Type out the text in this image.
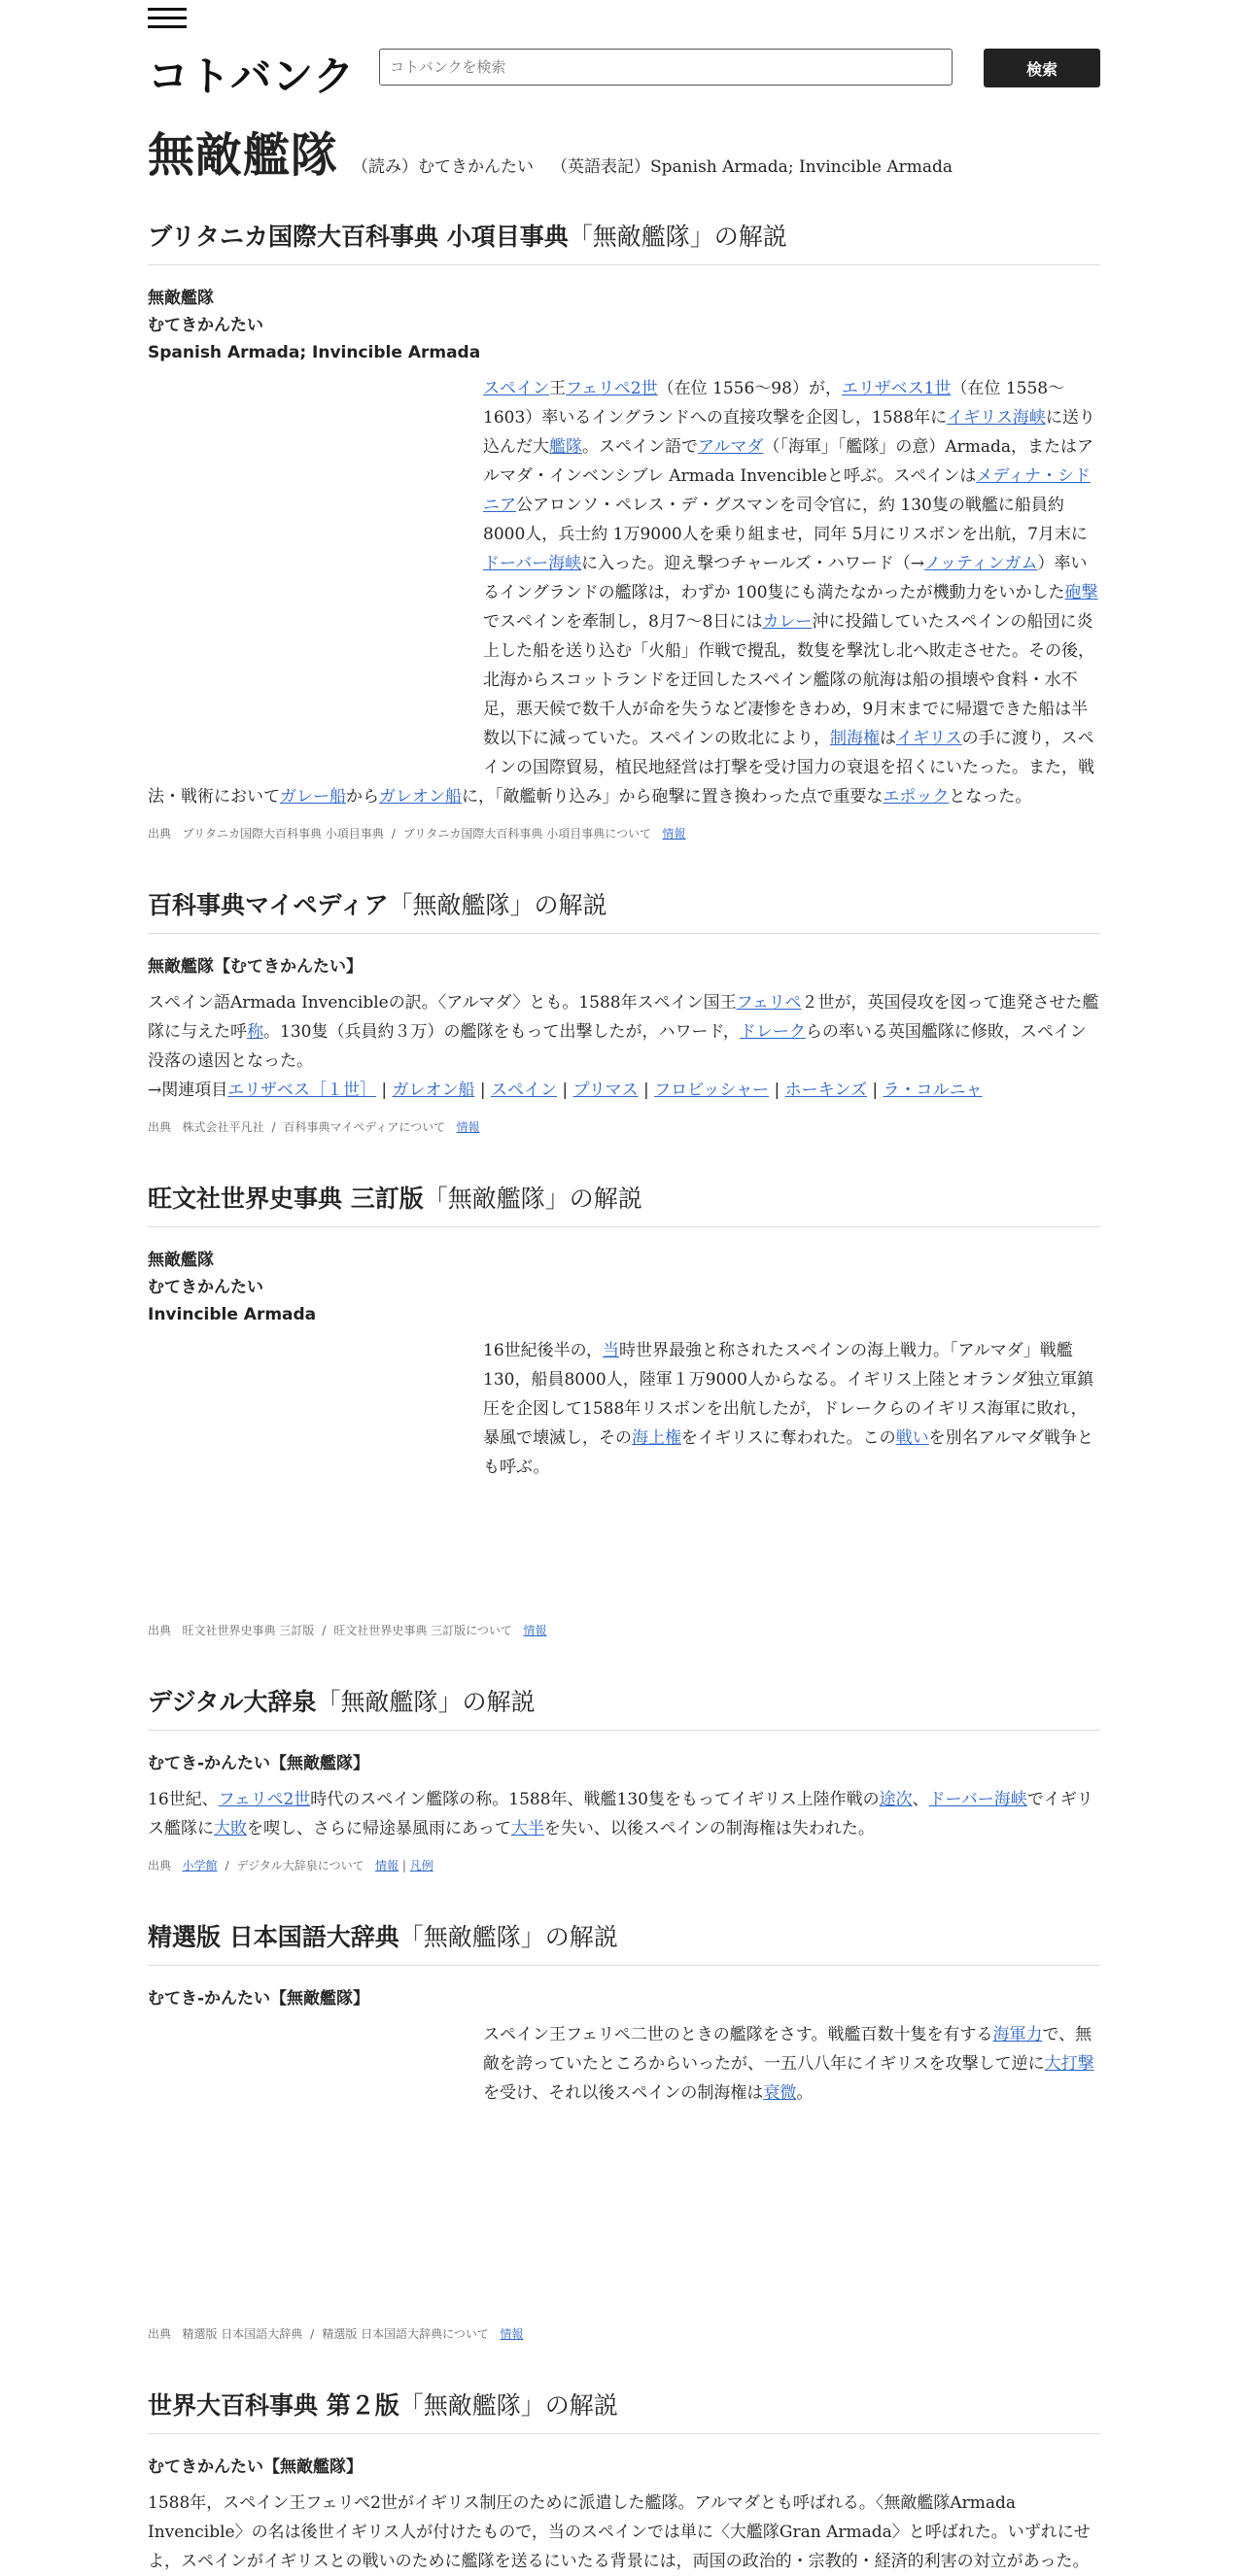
コトバンク
コトバンクを検索	検索
無敵艦隊 （読み）むてきかんたい （英語表記）Spanish Armada; Invincible Armada
ブリタニカ国際大百科事典 小項目事典「無敵艦隊」の解説
無敵艦隊
むてきかんたい
Spanish Armada; Invincible Armada
スペイン王フェリペ2世（在位 1556～98）が，エリザベス1世（在位 1558～1603）率いるイングランドへの直接攻撃を企図し，1588年にイギリス海峡に送り込んだ大艦隊。スペイン語でアルマダ（「海軍」「艦隊」の意）Armada，またはアルマダ・インベンシブレ Armada Invencibleと呼ぶ。スペインはメディナ・シドニア公アロンソ・ペレス・デ・グスマンを司令官に，約 130隻の戦艦に船員約 8000人，兵士約 1万9000人を乗り組ませ，同年 5月にリスボンを出航，7月末にドーバー海峡に入った。迎え撃つチャールズ・ハワード（→ノッティンガム）率いるイングランドの艦隊は，わずか 100隻にも満たなかったが機動力をいかした砲撃でスペインを牽制し，8月7～8日にはカレー沖に投錨していたスペインの船団に炎上した船を送り込む「火船」作戦で攪乱，数隻を撃沈し北へ敗走させた。その後，北海からスコットランドを迂回したスペイン艦隊の航海は船の損壊や食料・水不足，悪天候で数千人が命を失うなど凄惨をきわめ，9月末までに帰還できた船は半数以下に減っていた。スペインの敗北により，制海権はイギリスの手に渡り，スペインの国際貿易，植民地経営は打撃を受け国力の衰退を招くにいたった。また，戦法・戦術においてガレー船からガレオン船に，「敵艦斬り込み」から砲撃に置き換わった点で重要なエポックとなった。
出典 ブリタニカ国際大百科事典 小項目事典 / ブリタニカ国際大百科事典 小項目事典について 情報
百科事典マイペディア「無敵艦隊」の解説
無敵艦隊【むてきかんたい】
スペイン語Armada Invencibleの訳。〈アルマダ〉とも。1588年スペイン国王フェリペ２世が，英国侵攻を図って進発させた艦隊に与えた呼称。130隻（兵員約３万）の艦隊をもって出撃したが，ハワード，ドレークらの率いる英国艦隊に修敗，スペイン没落の遠因となった。
→関連項目エリザベス［１世］ | ガレオン船 | スペイン | プリマス | フロビッシャー | ホーキンズ | ラ・コルニャ
出典 株式会社平凡社 / 百科事典マイペディアについて 情報
旺文社世界史事典 三訂版「無敵艦隊」の解説
無敵艦隊
むてきかんたい
Invincible Armada
16世紀後半の，当時世界最強と称されたスペインの海上戦力。「アルマダ」戦艦130，船員8000人，陸軍１万9000人からなる。イギリス上陸とオランダ独立軍鎮圧を企図して1588年リスボンを出航したが，ドレークらのイギリス海軍に敗れ，暴風で壊滅し，その海上権をイギリスに奪われた。この戦いを別名アルマダ戦争とも呼ぶ。
出典 旺文社世界史事典 三訂版 / 旺文社世界史事典 三訂版について 情報
デジタル大辞泉「無敵艦隊」の解説
むてき-かんたい【無敵艦隊】
16世紀、フェリペ2世時代のスペイン艦隊の称。1588年、戦艦130隻をもってイギリス上陸作戦の途次、ドーバー海峡でイギリス艦隊に大敗を喫し、さらに帰途暴風雨にあって大半を失い、以後スペインの制海権は失われた。
出典 小学館 / デジタル大辞泉について 情報 | 凡例
精選版 日本国語大辞典「無敵艦隊」の解説
むてき-かんたい【無敵艦隊】
スペイン王フェリペ二世のときの艦隊をさす。戦艦百数十隻を有する海軍力で、無敵を誇っていたところからいったが、一五八八年にイギリスを攻撃して逆に大打撃を受け、それ以後スペインの制海権は衰微。
出典 精選版 日本国語大辞典 / 精選版 日本国語大辞典について 情報
世界大百科事典 第２版「無敵艦隊」の解説
むてきかんたい【無敵艦隊】
1588年，スペイン王フェリペ2世がイギリス制圧のために派遣した艦隊。アルマダとも呼ばれる。〈無敵艦隊Armada Invencible〉の名は後世イギリス人が付けたもので，当のスペインでは単に〈大艦隊Gran Armada〉と呼ばれた。いずれにせよ，スペインがイギリスとの戦いのために艦隊を送るにいたる背景には，両国の政治的・宗教的・経済的利害の対立があった。
